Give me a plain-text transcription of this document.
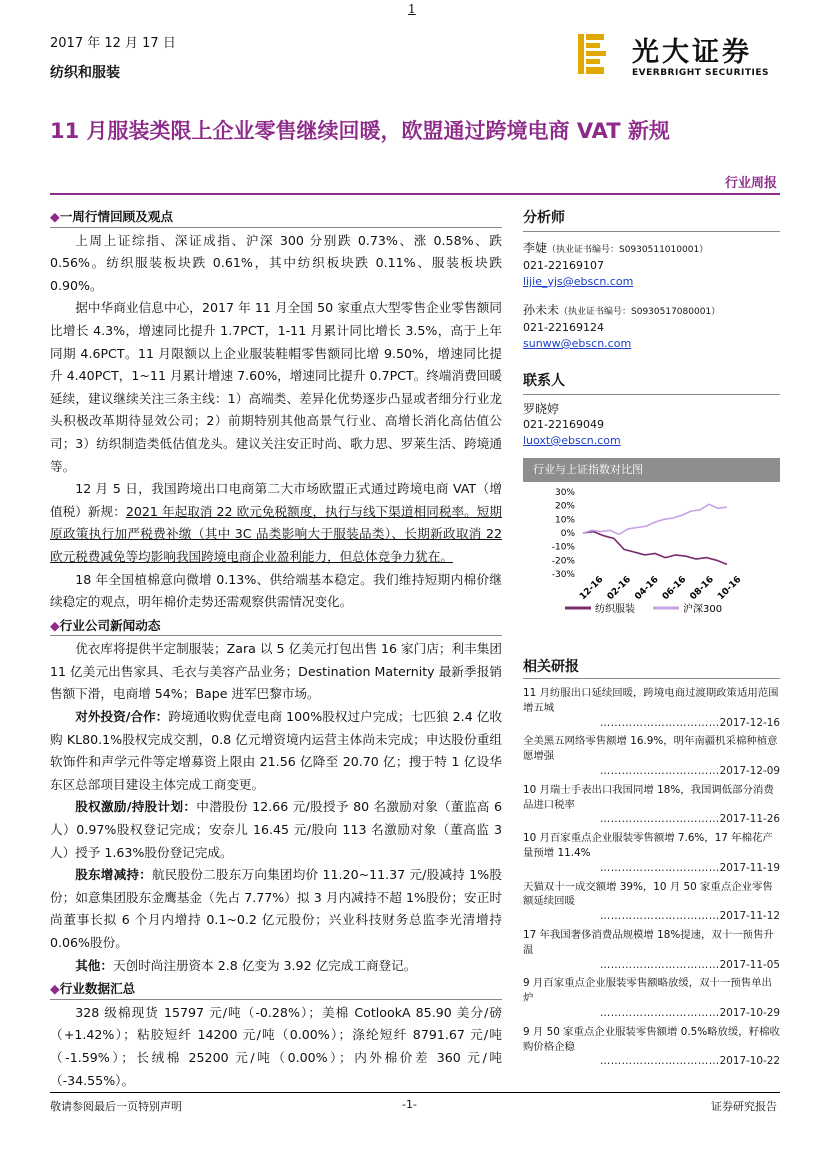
1
2017 年 12 月 17 日
纺织和服装
光大证券
EVERBRIGHT SECURITIES
11 月服装类限上企业零售继续回暖，欧盟通过跨境电商 VAT 新规
行业周报

◆一周行情回顾及观点

上周上证综指、深证成指、沪深 300 分别跌 0.73%、涨 0.58%、跌 0.56%。纺织服装板块跌 0.61%，其中纺织板块跌 0.11%、服装板块跌 0.90%。

据中华商业信息中心，2017 年 11 月全国 50 家重点大型零售企业零售额同比增长 4.3%，增速同比提升 1.7PCT，1-11 月累计同比增长 3.5%，高于上年同期 4.6PCT。11 月限额以上企业服装鞋帽零售额同比增 9.50%，增速同比提升 4.40PCT，1~11 月累计增速 7.60%，增速同比提升 0.7PCT。终端消费回暖延续，建议继续关注三条主线：1）高端类、差异化优势逐步凸显或者细分行业龙头积极改革期待显效公司；2）前期特别其他高景气行业、高增长消化高估值公司；3）纺织制造类低估值龙头。建议关注安正时尚、歌力思、罗莱生活、跨境通等。

12 月 5 日，我国跨境出口电商第二大市场欧盟正式通过跨境电商 VAT（增值税）新规：2021 年起取消 22 欧元免税额度，执行与线下渠道相同税率。短期原政策执行加严税费补缴（其中 3C 品类影响大于服装品类）、长期新政取消 22 欧元税费减免等均影响我国跨境电商企业盈利能力，但总体竞争力犹在。

18 年全国植棉意向微增 0.13%、供给端基本稳定。我们维持短期内棉价继续稳定的观点，明年棉价走势还需观察供需情况变化。

◆行业公司新闻动态

优衣库将提供半定制服装；Zara 以 5 亿美元打包出售 16 家门店；利丰集团 11 亿美元出售家具、毛衣与美容产品业务；Destination Maternity 最新季报销售额下滑，电商增 54%；Bape 进军巴黎市场。

对外投资/合作：跨境通收购优壹电商 100%股权过户完成；七匹狼 2.4 亿收购 KL80.1%股权完成交割，0.8 亿元增资境内运营主体尚未完成；申达股份重组软饰件和声学元件等定增募资上限由 21.56 亿降至 20.70 亿；搜于特 1 亿设华东区总部项目建设主体完成工商变更。

股权激励/持股计划：中潜股份 12.66 元/股授予 80 名激励对象（董监高 6 人）0.97%股权登记完成；安奈儿 16.45 元/股向 113 名激励对象（董高监 3 人）授予 1.63%股份登记完成。

股东增减持：航民股份二股东万向集团均价 11.20~11.37 元/股减持 1%股份；如意集团股东金鹰基金（先占 7.77%）拟 3 月内减持不超 1%股份；安正时尚董事长拟 6 个月内增持 0.1~0.2 亿元股份；兴业科技财务总监李光清增持 0.06%股份。

其他：天创时尚注册资本 2.8 亿变为 3.92 亿完成工商登记。

◆行业数据汇总

328 级棉现货 15797 元/吨（-0.28%）；美棉 CotlookA 85.90 美分/磅（+1.42%）；粘胶短纤 14200 元/吨（0.00%）；涤纶短纤 8791.67 元/吨（-1.59%）；长绒棉 25200 元/吨（0.00%）；内外棉价差 360 元/吨（-34.55%）。

分析师
李婕（执业证书编号：S0930511010001）
021-22169107
lijie_yjs@ebscn.com
孙未未（执业证书编号：S0930517080001）
021-22169124
sunww@ebscn.com
联系人
罗晓婷
021-22169049
luoxt@ebscn.com
行业与上证指数对比图
30%
20%
10%
0%
-10%
-20%
-30% 12-16 02-16 04-16 06-16 08-16 10-16
纺织服装	沪深300
相关研报
11 月纺服出口延续回暖，跨境电商过渡期政策适用范围增五城
……………………………2017-12-16
全美黑五网络零售额增 16.9%，明年南疆机采棉种植意愿增强
……………………………2017-12-09
10 月瑞士手表出口我国同增 18%，我国调低部分消费品进口税率
……………………………2017-11-26
10 月百家重点企业服装零售额增 7.6%，17 年棉花产量预增 11.4%
……………………………2017-11-19
天猫双十一成交额增 39%，10 月 50 家重点企业零售额延续回暖
……………………………2017-11-12
17 年我国奢侈消费品规模增 18%提速，双十一预售升温
……………………………2017-11-05
9 月百家重点企业服装零售额略放缓，双十一预售单出炉
……………………………2017-10-29
9 月 50 家重点企业服装零售额增 0.5%略放缓，籽棉收购价格企稳
……………………………2017-10-22
敬请参阅最后一页特别声明	-1-	证券研究报告
